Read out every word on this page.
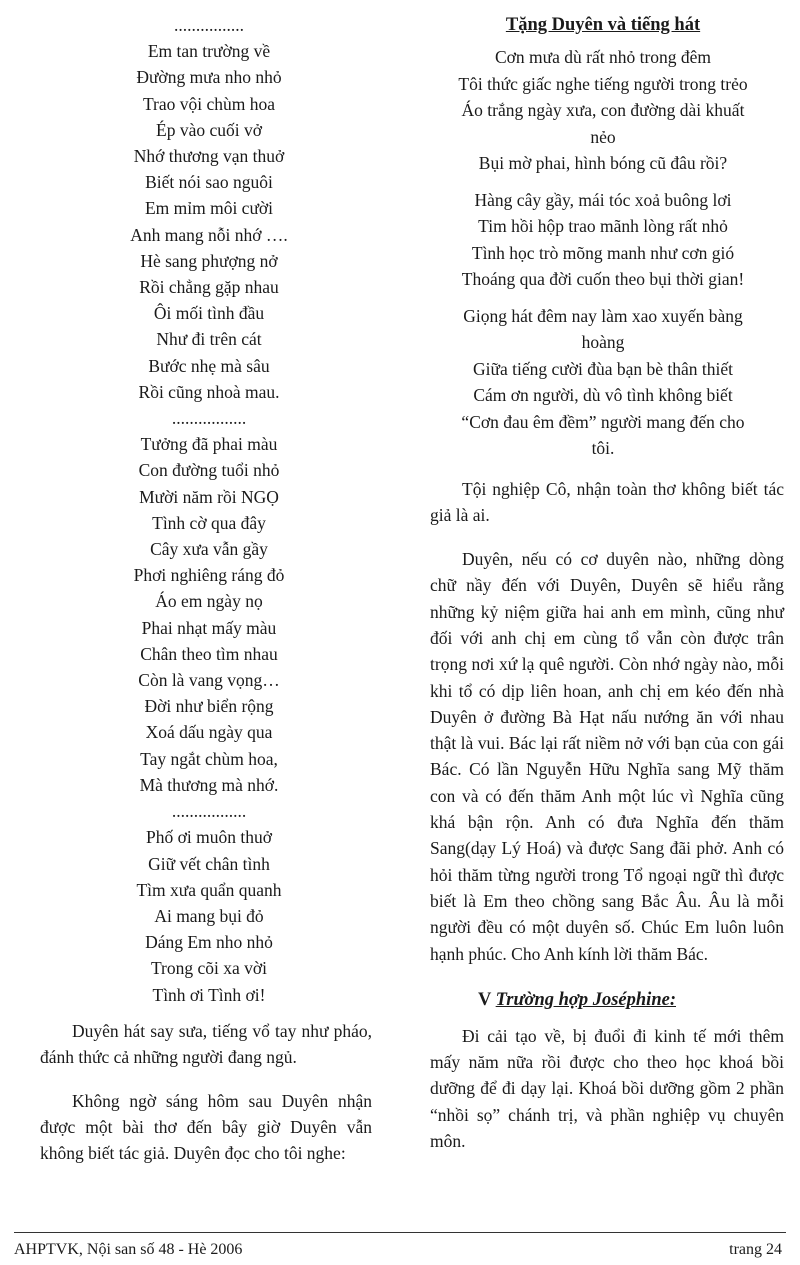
................
Em tan trường về
Đường mưa nho nhỏ
Trao vội chùm hoa
Ép vào cuối vở
Nhớ thương vạn thuở
Biết nói sao nguôi
Em mỉm môi cười
Anh mang nỗi nhớ ….
Hè sang phượng nở
Rồi chẳng gặp nhau
Ôi mối tình đầu
Như đi trên cát
Bước nhẹ mà sâu
Rồi cũng nhoà mau.
.................
Tưởng đã phai màu
Con đường tuổi nhỏ
Mười năm rồi NGỌ
Tình cờ qua đây
Cây xưa vẫn gầy
Phơi nghiêng ráng đỏ
Áo em ngày nọ
Phai nhạt mấy màu
Chân theo tìm nhau
Còn là vang vọng…
Đời như biển rộng
Xoá dấu ngày qua
Tay ngắt chùm hoa,
Mà thương mà nhớ.
.................
Phố ơi muôn thuở
Giữ vết chân tình
Tìm xưa quẩn quanh
Ai mang bụi đỏ
Dáng Em nho nhỏ
Trong cõi xa vời
Tình ơi Tình ơi!

Duyên hát say sưa, tiếng vổ tay như pháo, đánh thức cả những người đang ngủ.

Không ngờ sáng hôm sau Duyên nhận được một bài thơ đến bây giờ Duyên vẫn không biết tác giả. Duyên đọc cho tôi nghe:

Tặng Duyên và tiếng hát
Cơn mưa dù rất nhỏ trong đêm
Tôi thức giấc nghe tiếng người trong trẻo
Áo trắng ngày xưa, con đường dài khuất
nẻo
Bụi mờ phai, hình bóng cũ đâu rồi?
Hàng cây gầy, mái tóc xoả buông lơi
Tim hồi hộp trao mãnh lòng rất nhỏ
Tình học trò mõng manh như cơn gió
Thoáng qua đời cuốn theo bụi thời gian!
Giọng hát đêm nay làm xao xuyến bàng
hoàng
Giữa tiếng cười đùa bạn bè thân thiết
Cám ơn người, dù vô tình không biết
“Cơn đau êm đềm” người mang đến cho
tôi.

Tội nghiệp Cô, nhận toàn thơ không biết tác giả là ai.

Duyên, nếu có cơ duyên nào, những dòng chữ nầy đến với Duyên, Duyên sẽ hiểu rằng những kỷ niệm giữa hai anh em mình, cũng như đối với anh chị em cùng tổ vẫn còn được trân trọng nơi xứ lạ quê người. Còn nhớ ngày nào, mỗi khi tổ có dịp liên hoan, anh chị em kéo đến nhà Duyên ở đường Bà Hạt nấu nướng ăn với nhau thật là vui. Bác lại rất niềm nở với bạn của con gái Bác. Có lần Nguyễn Hữu Nghĩa sang Mỹ thăm con và có đến thăm Anh một lúc vì Nghĩa cũng khá bận rộn. Anh có đưa Nghĩa đến thăm Sang(dạy Lý Hoá) và được Sang đãi phở. Anh có hỏi thăm từng người trong Tổ ngoại ngữ thì được biết là Em theo chồng sang Bắc Âu. Âu là mỗi người đều có một duyên số. Chúc Em luôn luôn hạnh phúc. Cho Anh kính lời thăm Bác.

V Trường hợp Joséphine:

Đi cải tạo về, bị đuổi đi kinh tế mới thêm mấy năm nữa rồi được cho theo học khoá bồi dưỡng để đi dạy lại. Khoá bồi dưỡng gồm 2 phần “nhồi sọ” chánh trị, và phần nghiệp vụ chuyên môn.

AHPTVK, Nội san số 48 - Hè 2006	trang 24
